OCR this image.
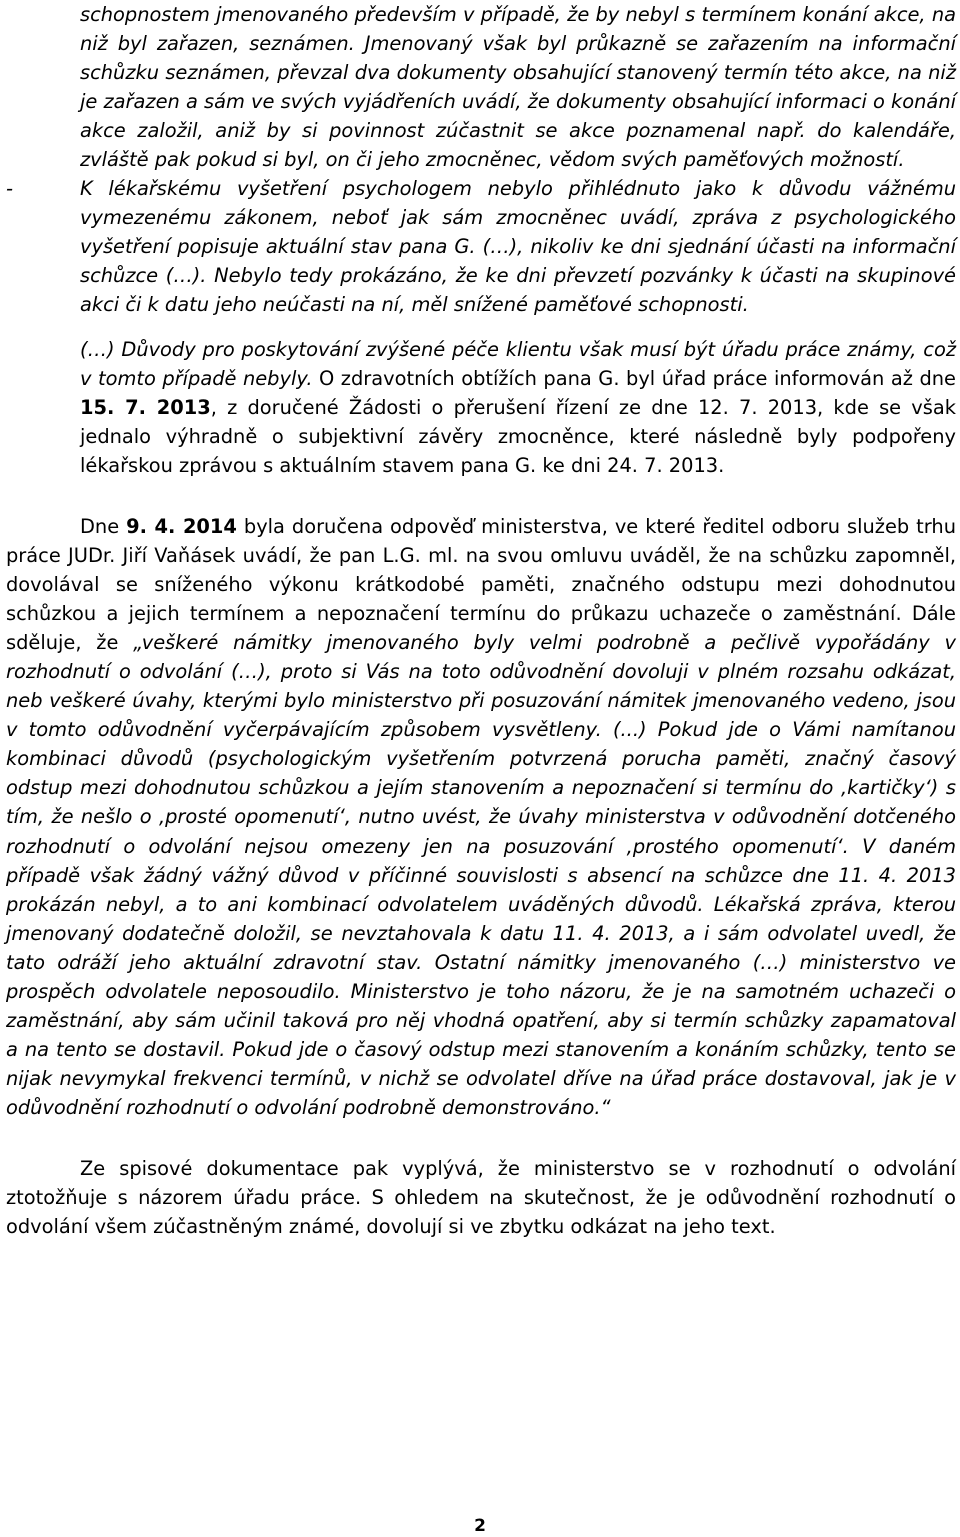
schopnostem jmenovaného především v případě, že by nebyl s termínem konání akce, na niž byl zařazen, seznámen. Jmenovaný však byl průkazně se zařazením na informační schůzku seznámen, převzal dva dokumenty obsahující stanovený termín této akce, na niž je zařazen a sám ve svých vyjádřeních uvádí, že dokumenty obsahující informaci o konání akce založil, aniž by si povinnost zúčastnit se akce poznamenal např. do kalendáře, zvláště pak pokud si byl, on či jeho zmocněnec, vědom svých paměťových možností.
-	K lékařskému vyšetření psychologem nebylo přihlédnuto jako k důvodu vážnému vymezenému zákonem, neboť jak sám zmocněnec uvádí, zpráva z psychologického vyšetření popisuje aktuální stav pana G. (…), nikoliv ke dni sjednání účasti na informační schůzce (…). Nebylo tedy prokázáno, že ke dni převzetí pozvánky k účasti na skupinové akci či k datu jeho neúčasti na ní, měl snížené paměťové schopnosti.
(…) Důvody pro poskytování zvýšené péče klientu však musí být úřadu práce známy, což v tomto případě nebyly. O zdravotních obtížích pana G. byl úřad práce informován až dne 15. 7. 2013, z doručené Žádosti o přerušení řízení ze dne 12. 7. 2013, kde se však jednalo výhradně o subjektivní závěry zmocněnce, které následně byly podpořeny lékařskou zprávou s aktuálním stavem pana G. ke dni 24. 7. 2013.
Dne 9. 4. 2014 byla doručena odpověď ministerstva, ve které ředitel odboru služeb trhu práce JUDr. Jiří Vaňásek uvádí, že pan L.G. ml. na svou omluvu uváděl, že na schůzku zapomněl, dovolával se sníženého výkonu krátkodobé paměti, značného odstupu mezi dohodnutou schůzkou a jejich termínem a nepoznačení termínu do průkazu uchazeče o zaměstnání. Dále sděluje, že „veškeré námitky jmenovaného byly velmi podrobně a pečlivě vypořádány v rozhodnutí o odvolání (…), proto si Vás na toto odůvodnění dovoluji v plném rozsahu odkázat, neb veškeré úvahy, kterými bylo ministerstvo při posuzování námitek jmenovaného vedeno, jsou v tomto odůvodnění vyčerpávajícím způsobem vysvětleny. (...) Pokud jde o Vámi namítanou kombinaci důvodů (psychologickým vyšetřením potvrzená porucha paměti, značný časový odstup mezi dohodnutou schůzkou a jejím stanovením a nepoznačení si termínu do ‚kartičky‘) s tím, že nešlo o ‚prosté opomenutí‘, nutno uvést, že úvahy ministerstva v odůvodnění dotčeného rozhodnutí o odvolání nejsou omezeny jen na posuzování ‚prostého opomenutí‘. V daném případě však žádný vážný důvod v příčinné souvislosti s absencí na schůzce dne 11. 4. 2013 prokázán nebyl, a to ani kombinací odvolatelem uváděných důvodů. Lékařská zpráva, kterou jmenovaný dodatečně doložil, se nevztahovala k datu 11. 4. 2013, a i sám odvolatel uvedl, že tato odráží jeho aktuální zdravotní stav. Ostatní námitky jmenovaného (…) ministerstvo ve prospěch odvolatele neposoudilo. Ministerstvo je toho názoru, že je na samotném uchazeči o zaměstnání, aby sám učinil taková pro něj vhodná opatření, aby si termín schůzky zapamatoval a na tento se dostavil. Pokud jde o časový odstup mezi stanovením a konáním schůzky, tento se nijak nevymykal frekvenci termínů, v nichž se odvolatel dříve na úřad práce dostavoval, jak je v odůvodnění rozhodnutí o odvolání podrobně demonstrováno.“
Ze spisové dokumentace pak vyplývá, že ministerstvo se v rozhodnutí o odvolání ztotožňuje s názorem úřadu práce. S ohledem na skutečnost, že je odůvodnění rozhodnutí o odvolání všem zúčastněným známé, dovolují si ve zbytku odkázat na jeho text.
2
